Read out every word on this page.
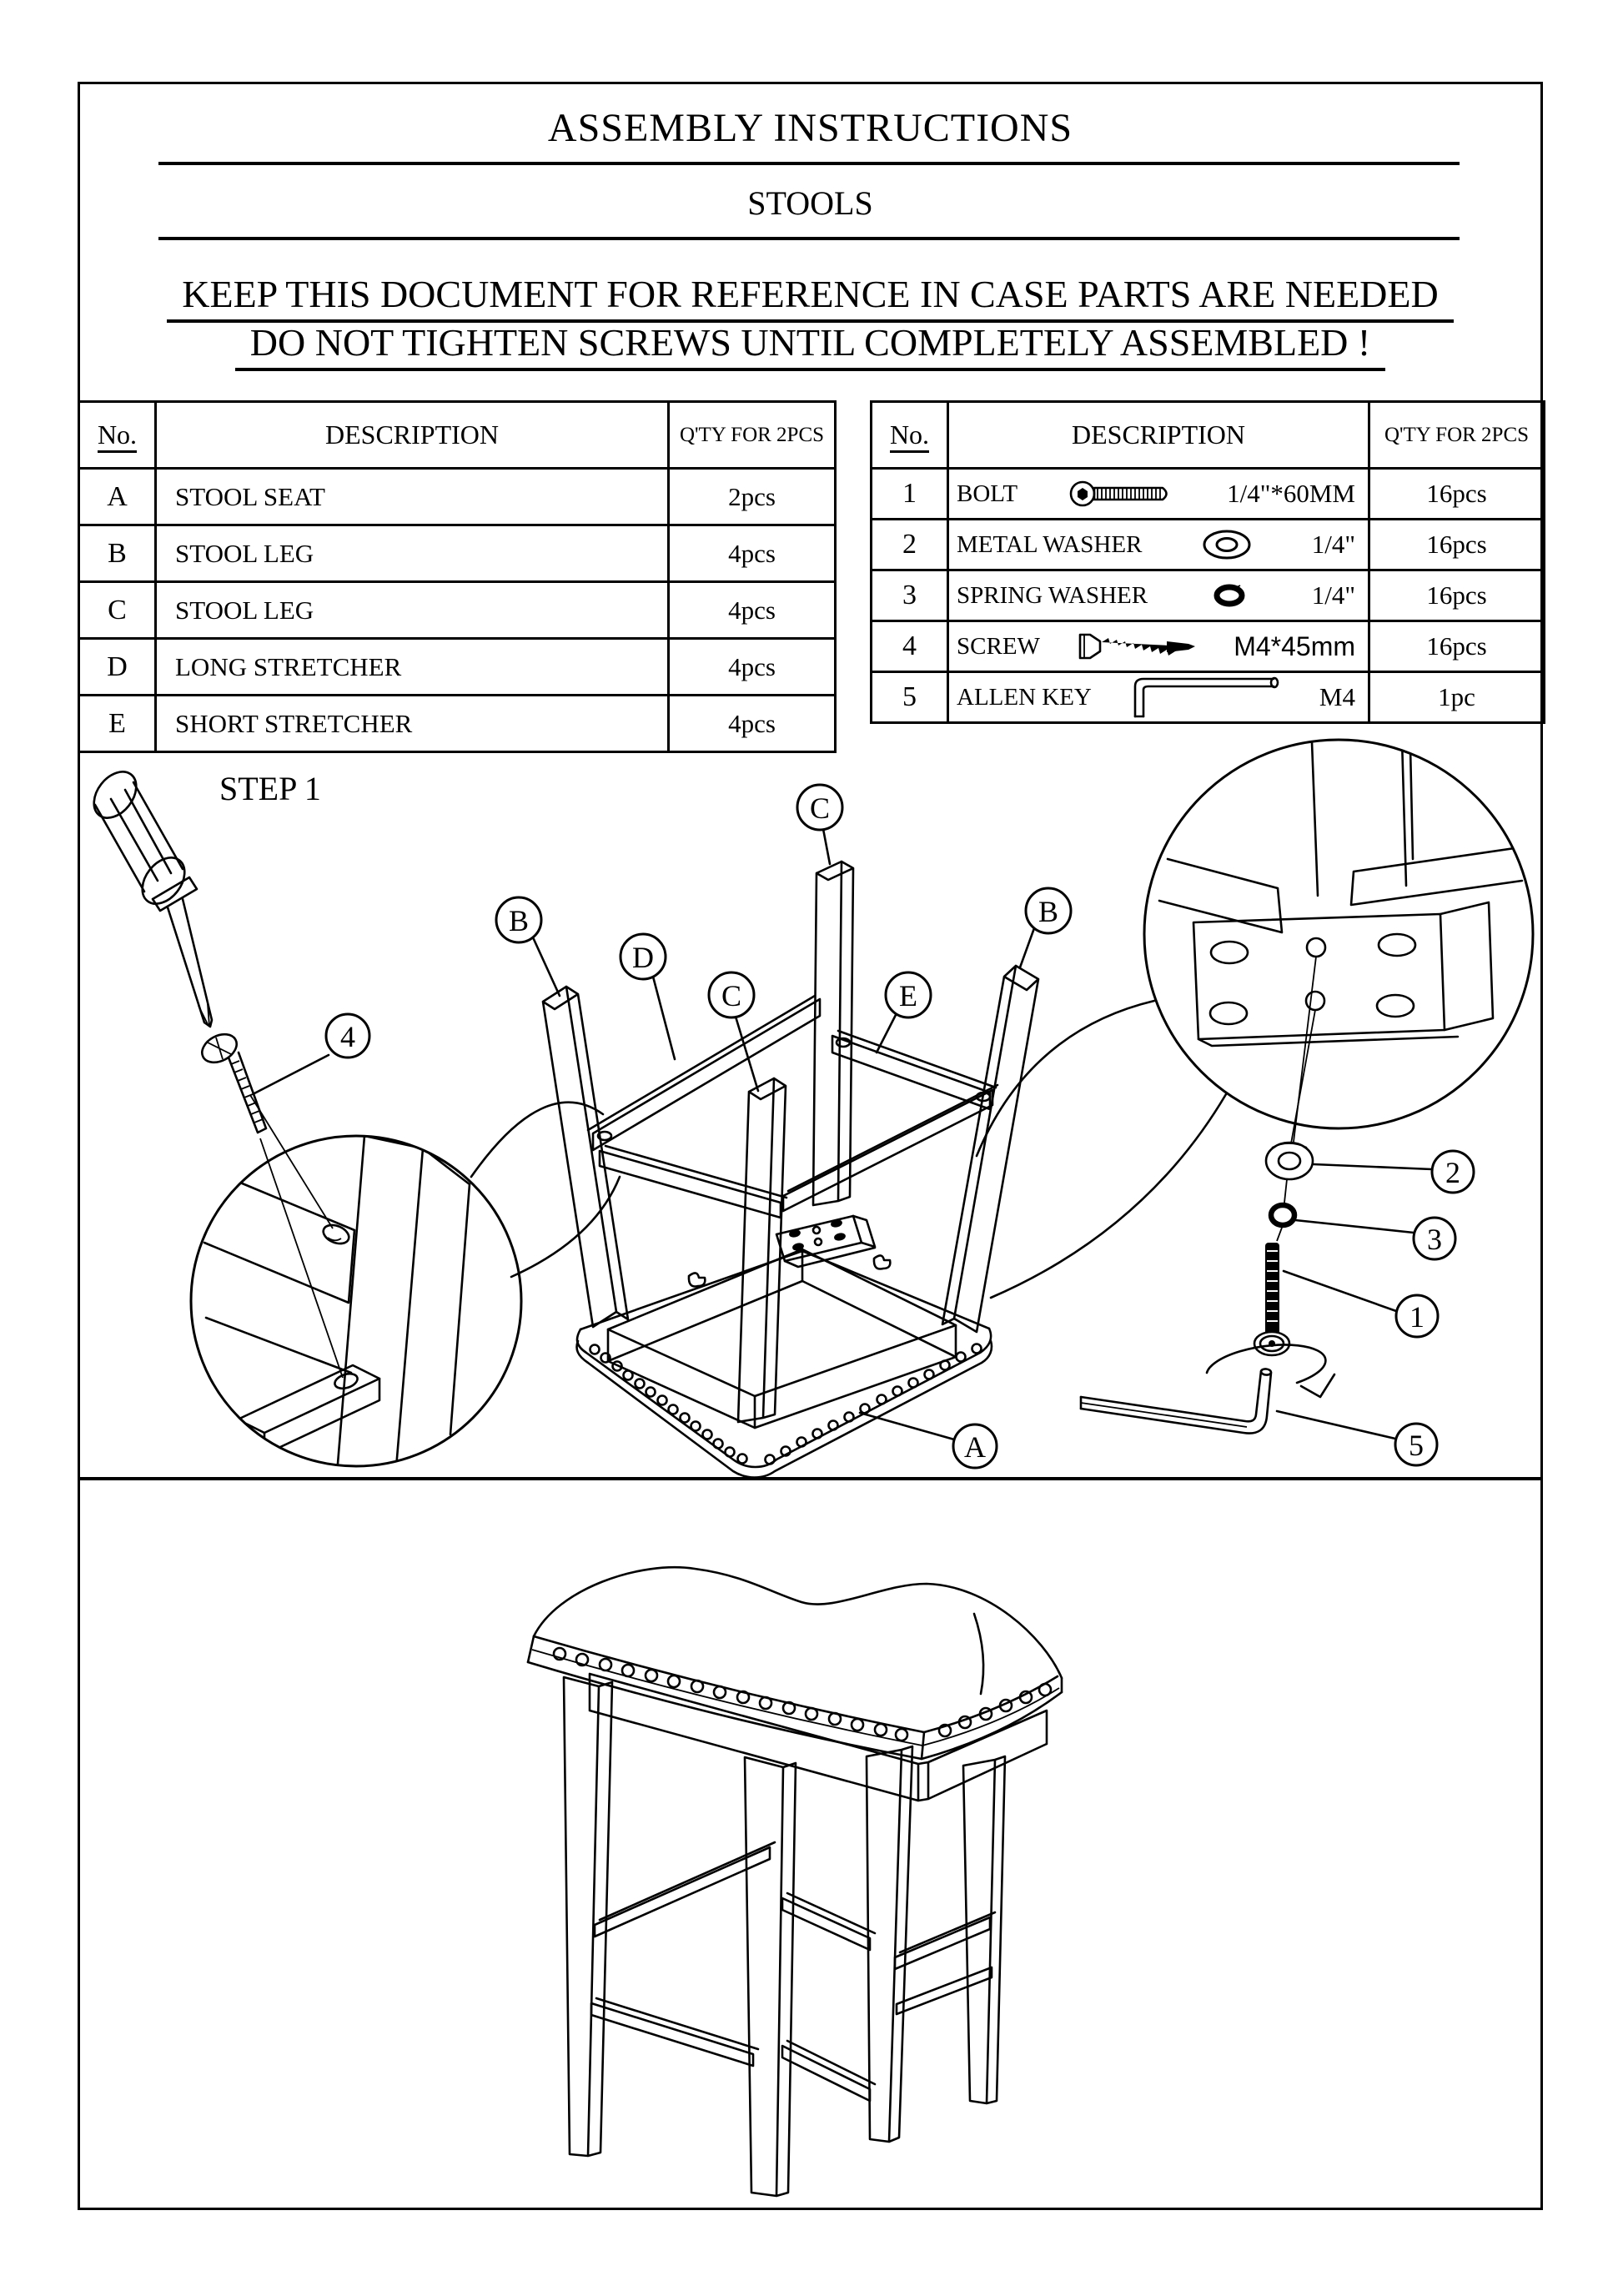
ASSEMBLY INSTRUCTIONS
STOOLS
KEEP THIS DOCUMENT FOR REFERENCE IN CASE PARTS ARE NEEDED
DO NOT TIGHTEN SCREWS UNTIL COMPLETELY ASSEMBLED !
No.	DESCRIPTION	Q'TY FOR 2PCS
A	STOOL SEAT	2pcs
B	STOOL LEG	4pcs
C	STOOL LEG	4pcs
D	LONG STRETCHER	4pcs
E	SHORT STRETCHER	4pcs
No.	DESCRIPTION	Q'TY FOR 2PCS
1	BOLT 1/4"*60MM	16pcs
2	METAL WASHER 1/4"	16pcs
3	SPRING WASHER 1/4"	16pcs
4	SCREW M4*45mm	16pcs
5	ALLEN KEY M4	1pc
STEP 1
4
B
D
C
C
E
B
A
2
3
1
5
